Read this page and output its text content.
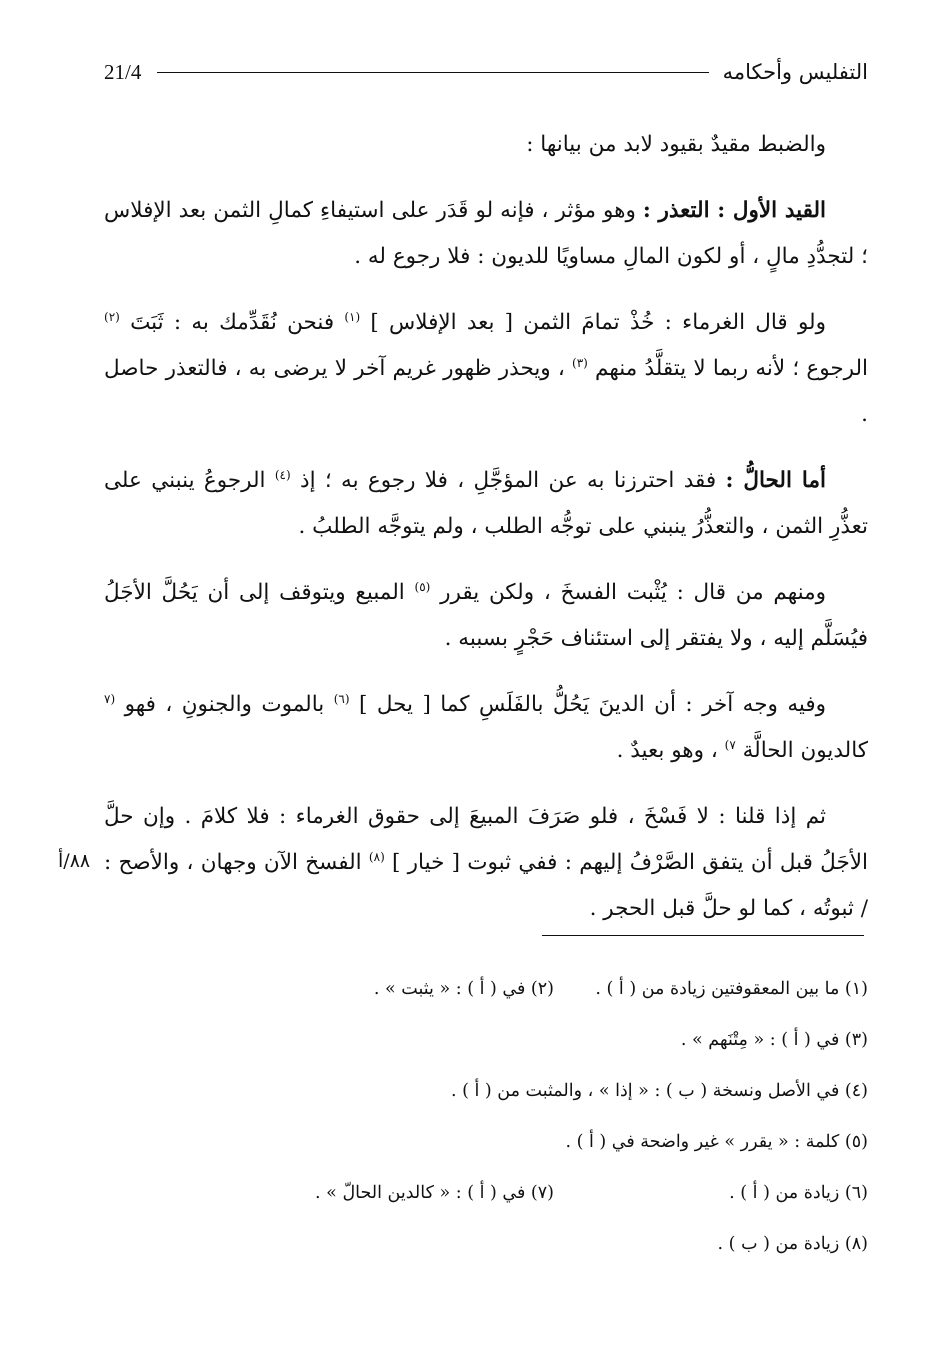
21/4	التفليس وأحكامه

والضبط مقيدٌ بقيود لابد من بيانها :

القيد الأول : التعذر : وهو مؤثر ، فإنه لو قَدَر على استيفاءِ كمالِ الثمن بعد الإفلاس ؛ لتجدُّدِ مالٍ ، أو لكون المالِ مساويًا للديون : فلا رجوع له .

ولو قال الغرماء : خُذْ تمامَ الثمن [ بعد الإفلاس ] $^{(١)}$ فنحن نُقَدِّمك به : ثَبَتَ $^{(٢)}$ الرجوع ؛ لأنه ربما لا يتقلَّدُ منهم $^{(٣)}$ ، ويحذر ظهور غريم آخر لا يرضى به ، فالتعذر حاصل .

أما الحالُّ : فقد احترزنا به عن المؤجَّلِ ، فلا رجوع به ؛ إذ $^{(٤)}$ الرجوعُ ينبني على تعذُّرِ الثمن ، والتعذُّرُ ينبني على توجُّه الطلب ، ولم يتوجَّه الطلبُ .

ومنهم من قال : يُثْبت الفسخَ ، ولكن يقرر $^{(٥)}$ المبيع ويتوقف إلى أن يَحُلَّ الأجَلُ فيُسَلَّم إليه ، ولا يفتقر إلى استئناف حَجْرٍ بسببه .

وفيه وجه آخر : أن الدينَ يَحُلُّ بالفَلَسِ كما [ يحل ] $^{(٦)}$ بالموت والجنونِ ، فهو $^{(٧}$ كالديون الحالَّة $^{٧)}$ ، وهو بعيدٌ .

ثم إذا قلنا : لا فَسْخَ ، فلو صَرَفَ المبيعَ إلى حقوق الغرماء : فلا كلامَ . وإن حلَّ الأجَلُ قبل أن يتفق الصَّرْفُ إليهم : ففي ثبوت [ خيار ] $^{(٨)}$ الفسخ الآن وجهان ، والأصح : / ثبوتُه ، كما لو حلَّ قبل الحجر .

٨٨/أ
(١) ما بين المعقوفتين زيادة من ( أ ) .
(٢) في ( أ ) : « يثبت » .
(٣) في ( أ ) : « مِتْنَهم » .
(٤) في الأصل ونسخة ( ب ) : « إذا » ، والمثبت من ( أ ) .
(٥) كلمة : « يقرر » غير واضحة في ( أ ) .
(٦) زيادة من ( أ ) .
(٧) في ( أ ) : « كالدين الحالّ » .
(٨) زيادة من ( ب ) .
